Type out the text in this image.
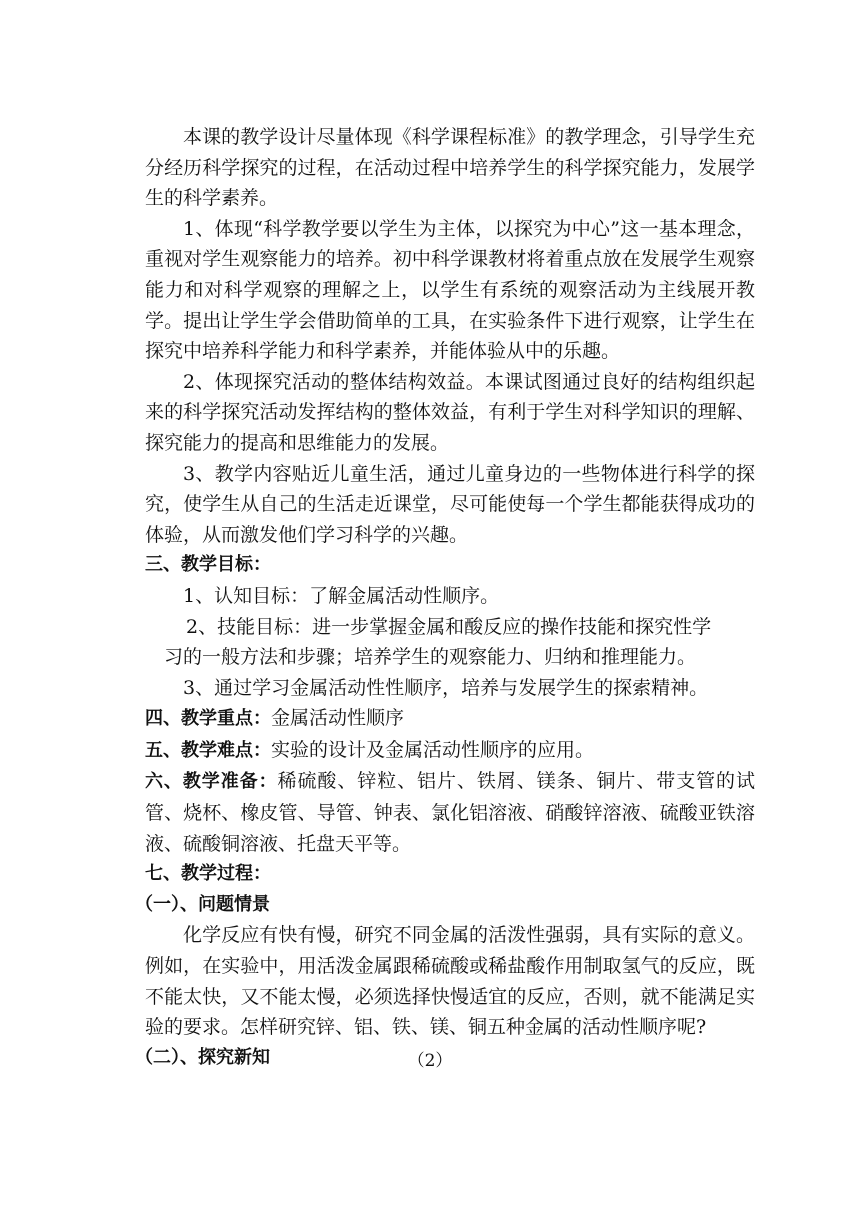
本课的教学设计尽量体现《科学课程标准》的教学理念，引导学生充分经历科学探究的过程，在活动过程中培养学生的科学探究能力，发展学生的科学素养。

1、体现“科学教学要以学生为主体，以探究为中心”这一基本理念，重视对学生观察能力的培养。初中科学课教材将着重点放在发展学生观察能力和对科学观察的理解之上，以学生有系统的观察活动为主线展开教学。提出让学生学会借助简单的工具，在实验条件下进行观察，让学生在探究中培养科学能力和科学素养，并能体验从中的乐趣。

2、体现探究活动的整体结构效益。本课试图通过良好的结构组织起来的科学探究活动发挥结构的整体效益，有利于学生对科学知识的理解、探究能力的提高和思维能力的发展。

3、教学内容贴近儿童生活，通过儿童身边的一些物体进行科学的探究，使学生从自己的生活走近课堂，尽可能使每一个学生都能获得成功的体验，从而激发他们学习科学的兴趣。

三、教学目标：

1、认知目标：了解金属活动性顺序。

2、技能目标：进一步掌握金属和酸反应的操作技能和探究性学
习的一般方法和步骤；培养学生的观察能力、归纳和推理能力。

3、通过学习金属活动性性顺序，培养与发展学生的探索精神。

四、教学重点：金属活动性顺序

五、教学难点：实验的设计及金属活动性顺序的应用。

六、教学准备：稀硫酸、锌粒、铝片、铁屑、镁条、铜片、带支管的试管、烧杯、橡皮管、导管、钟表、氯化铝溶液、硝酸锌溶液、硫酸亚铁溶液、硫酸铜溶液、托盘天平等。

七、教学过程：

（一）、问题情景

化学反应有快有慢，研究不同金属的活泼性强弱，具有实际的意义。例如，在实验中，用活泼金属跟稀硫酸或稀盐酸作用制取氢气的反应，既不能太快，又不能太慢，必须选择快慢适宜的反应，否则，就不能满足实验的要求。怎样研究锌、铝、铁、镁、铜五种金属的活动性顺序呢?

（二）、探究新知	（2）
